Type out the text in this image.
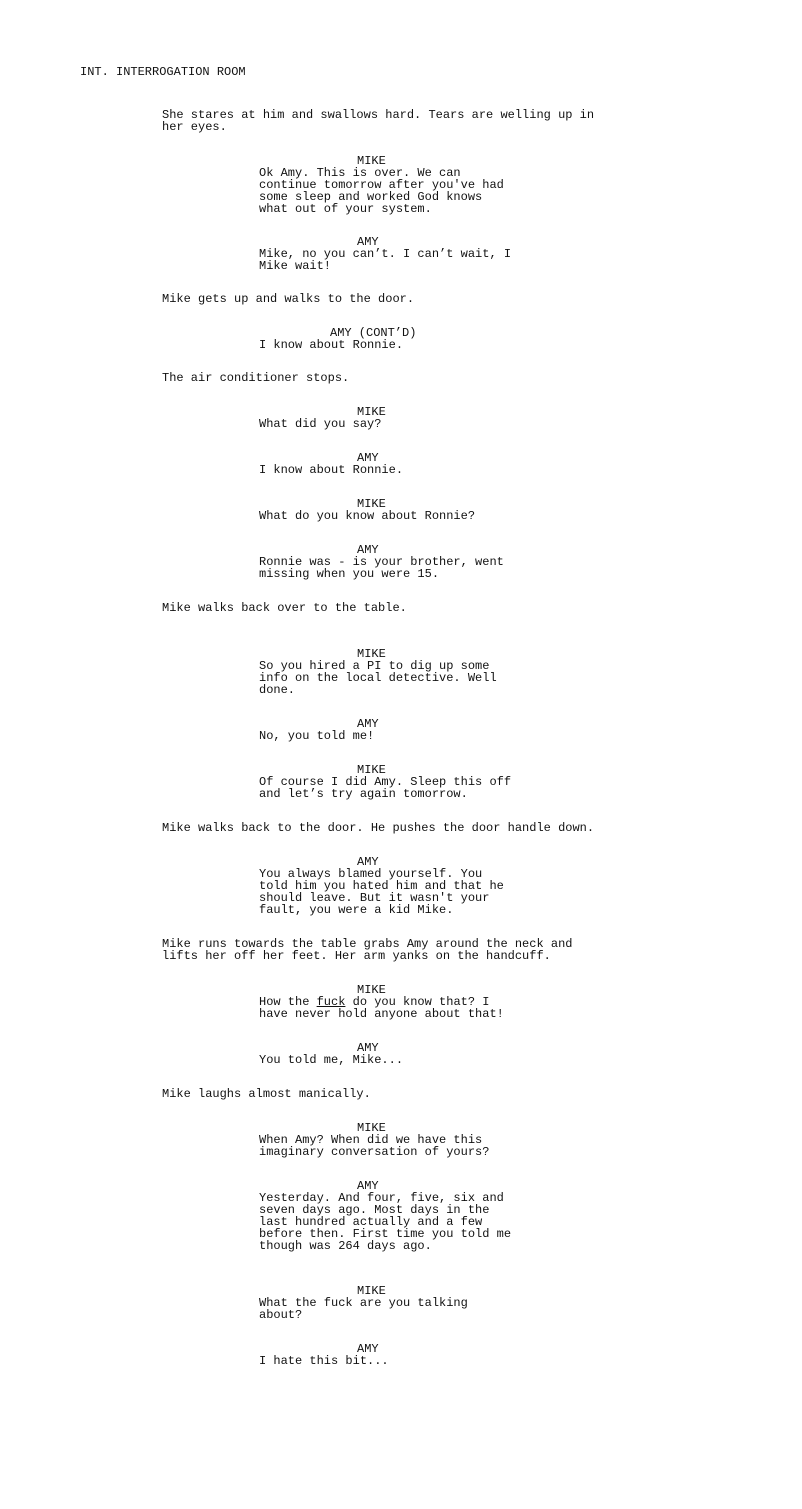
INT. INTERROGATION ROOM
She stares at him and swallows hard. Tears are welling up in
her eyes.
MIKE
Ok Amy. This is over. We can
continue tomorrow after you've had
some sleep and worked God knows
what out of your system.
AMY
Mike, no you can’t. I can’t wait, I
Mike wait!
Mike gets up and walks to the door.
AMY (CONT’D)
I know about Ronnie.
The air conditioner stops.
MIKE
What did you say?
AMY
I know about Ronnie.
MIKE
What do you know about Ronnie?
AMY
Ronnie was - is your brother, went
missing when you were 15.
Mike walks back over to the table.
MIKE
So you hired a PI to dig up some
info on the local detective. Well
done.
AMY
No, you told me!
MIKE
Of course I did Amy. Sleep this off
and let’s try again tomorrow.
Mike walks back to the door. He pushes the door handle down.
AMY
You always blamed yourself. You
told him you hated him and that he
should leave. But it wasn't your
fault, you were a kid Mike.
Mike runs towards the table grabs Amy around the neck and
lifts her off her feet. Her arm yanks on the handcuff.
MIKE
How the fuck do you know that? I
have never hold anyone about that!
AMY
You told me, Mike...
Mike laughs almost manically.
MIKE
When Amy? When did we have this
imaginary conversation of yours?
AMY
Yesterday. And four, five, six and
seven days ago. Most days in the
last hundred actually and a few
before then. First time you told me
though was 264 days ago.
MIKE
What the fuck are you talking
about?
AMY
I hate this bit...
